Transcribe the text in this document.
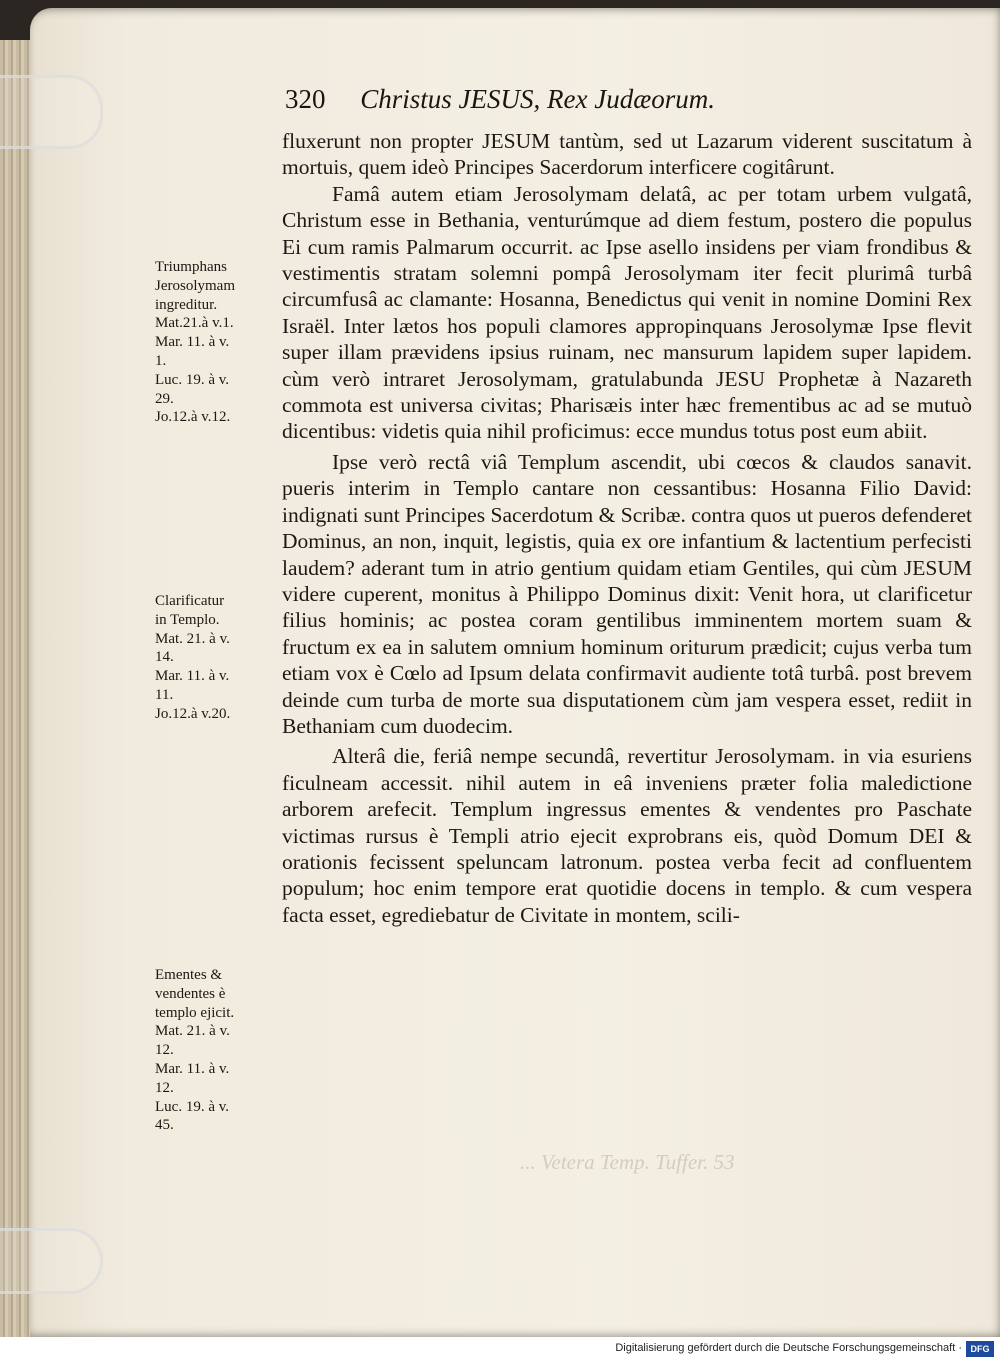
320 Christus JESUS, Rex Judæorum.

fluxerunt non propter JESUM tantùm, sed ut Lazarum viderent suscitatum à mortuis, quem ideò Principes Sacerdorum interficere cogitârunt.

Famâ autem etiam Jerosolymam delatâ, ac per totam urbem vulgatâ, Christum esse in Bethania, venturúmque ad diem festum, postero die populus Ei cum ramis Palmarum occurrit. ac Ipse asello insidens per viam frondibus & vestimentis stratam solemni pompâ Jerosolymam iter fecit plurimâ turbâ circumfusâ ac clamante: Hosanna, Benedictus qui venit in nomine Domini Rex Israël. Inter lætos hos populi clamores appropinquans Jerosolymæ Ipse flevit super illam prævidens ipsius ruinam, nec mansurum lapidem super lapidem. cùm verò intraret Jerosolymam, gratulabunda JESU Prophetæ à Nazareth commota est universa civitas; Pharisæis inter hæc frementibus ac ad se mutuò dicentibus: videtis quia nihil proficimus: ecce mundus totus post eum abiit.

Ipse verò rectâ viâ Templum ascendit, ubi cœcos & claudos sanavit. pueris interim in Templo cantare non cessantibus: Hosanna Filio David: indignati sunt Principes Sacerdotum & Scribæ. contra quos ut pueros defenderet Dominus, an non, inquit, legistis, quia ex ore infantium & lactentium perfecisti laudem? aderant tum in atrio gentium quidam etiam Gentiles, qui cùm JESUM videre cuperent, monitus à Philippo Dominus dixit: Venit hora, ut clarificetur filius hominis; ac postea coram gentilibus imminentem mortem suam & fructum ex ea in salutem omnium hominum oriturum prædicit; cujus verba tum etiam vox è Cœlo ad Ipsum delata confirmavit audiente totâ turbâ. post brevem deinde cum turba de morte sua disputationem cùm jam vespera esset, rediit in Bethaniam cum duodecim.

Alterâ die, feriâ nempe secundâ, revertitur Jerosolymam. in via esuriens ficulneam accessit. nihil autem in eâ inveniens præter folia maledictione arborem arefecit. Templum ingressus ementes & vendentes pro Paschate victimas rursus è Templi atrio ejecit exprobrans eis, quòd Domum DEI & orationis fecissent speluncam latronum. postea verba fecit ad confluentem populum; hoc enim tempore erat quotidie docens in templo. & cum vespera facta esset, egrediebatur de Civitate in montem, scili-

Triumphans
Jerosolymam
ingreditur.
Mat.21.à v.1.
Mar. 11. à v.
1.
Luc. 19. à v.
29.
Jo.12.à v.12.
Clarificatur
in Templo.
Mat. 21. à v.
14.
Mar. 11. à v.
11.
Jo.12.à v.20.
Ementes &
vendentes è
templo ejicit.
Mat. 21. à v.
12.
Mar. 11. à v.
12.
Luc. 19. à v.
45.
... Vetera Temp. Tuffer. 53
Digitalisierung gefördert durch die Deutsche Forschungsgemeinschaft · DFG
